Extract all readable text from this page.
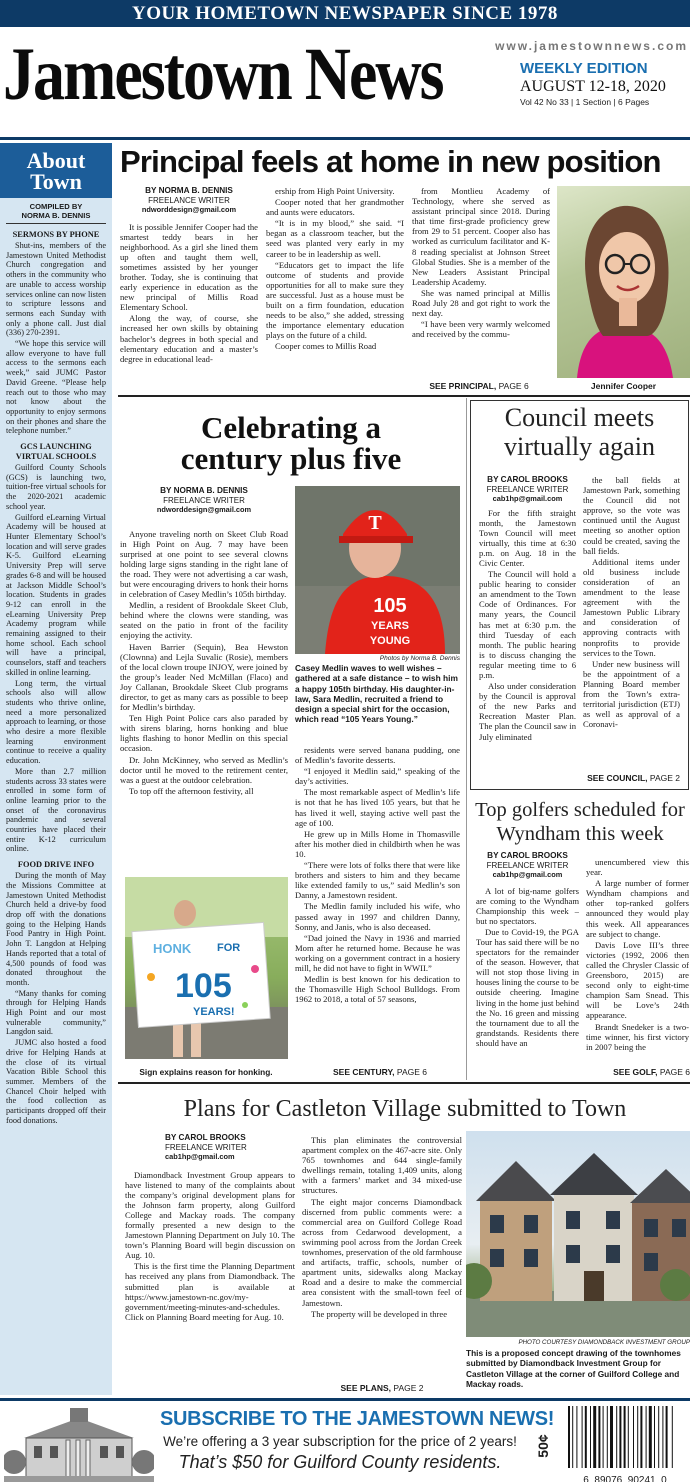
YOUR HOMETOWN NEWSPAPER SINCE 1978
Jamestown News	www.jamestownnews.com
WEEKLY EDITION
AUGUST 12-18, 2020
Vol 42 No 33 | 1 Section | 6 Pages
About Town
COMPILED BY
NORMA B. DENNIS
SERMONS BY PHONE

Shut-ins, members of the Jamestown United Methodist Church congregation and others in the community who are unable to access worship services online can now listen to scripture lessons and sermons each Sunday with only a phone call. Just dial (336) 270-2391.

“We hope this service will allow everyone to have full access to the sermons each week,” said JUMC Pastor David Greene. “Please help reach out to those who may not know about the opportunity to enjoy sermons on their phones and share the telephone number.”

GCS LAUNCHING VIRTUAL SCHOOLS

Guilford County Schools (GCS) is launching two, tuition-free virtual schools for the 2020-2021 academic school year.

Guilford eLearning Virtual Academy will be housed at Hunter Elementary School’s location and will serve grades K-5. Guilford eLearning University Prep will serve grades 6-8 and will be housed at Jackson Middle School’s location. Students in grades 9-12 can enroll in the eLearning University Prep Academy program while remaining assigned to their home school. Each school will have a principal, counselors, staff and teachers skilled in online learning.

Long term, the virtual schools also will allow students who thrive online, need a more personalized approach to learning, or those who desire a more flexible learning environment continue to receive a quality education.

More than 2.7 million students across 33 states were enrolled in some form of online learning prior to the onset of the coronavirus pandemic and several countries have placed their entire K-12 curriculum online.

FOOD DRIVE INFO

During the month of May the Missions Committee at Jamestown United Methodist Church held a drive-by food drop off with the donations going to the Helping Hands Food Pantry in High Point. John T. Langdon at Helping Hands reported that a total of 4,500 pounds of food was donated throughout the month.

“Many thanks for coming through for Helping Hands High Point and our most vulnerable community,” Langdon said.

JUMC also hosted a food drive for Helping Hands at the close of its virtual Vacation Bible School this summer. Members of the Chancel Choir helped with the food collection as participants dropped off their food donations.

Principal feels at home in new position
BY NORMA B. DENNIS
FREELANCE WRITER
ndworddesign@gmail.com

It is possible Jennifer Cooper had the smartest teddy bears in her neighborhood. As a girl she lined them up often and taught them well, sometimes assisted by her younger brother. Today, she is continuing that early experience in education as the new principal of Millis Road Elementary School.

Along the way, of course, she increased her own skills by obtaining bachelor’s degrees in both special and elementary education and a master’s degree in educational lead-

ership from High Point University.

Cooper noted that her grandmother and aunts were educators.

“It is in my blood,” she said. “I began as a classroom teacher, but the seed was planted very early in my career to be in leadership as well.

“Educators get to impact the life outcome of students and provide opportunities for all to make sure they are successful. Just as a house must be built on a firm foundation, education needs to be also,” she added, stressing the importance elementary education plays on the future of a child.

Cooper comes to Millis Road

from Montlieu Academy of Technology, where she served as assistant principal since 2018. During that time first-grade proficiency grew from 29 to 51 percent. Cooper also has worked as curriculum facilitator and K-8 reading specialist at Johnson Street Global Studies. She is a member of the New Leaders Assistant Principal Leadership Academy.

She was named principal at Millis Road July 28 and got right to work the next day.

“I have been very warmly welcomed and received by the commu-

SEE PRINCIPAL, PAGE 6	Jennifer Cooper
Celebrating a
century plus five
BY NORMA B. DENNIS
FREELANCE WRITER
ndworddesign@gmail.com

Anyone traveling north on Skeet Club Road in High Point on Aug. 7 may have been surprised at one point to see several clowns holding large signs standing in the right lane of the road. They were not advertising a car wash, but were encouraging drivers to honk their horns in celebration of Casey Medlin’s 105th birthday.

Medlin, a resident of Brookdale Skeet Club, behind where the clowns were standing, was seated on the patio in front of the facility enjoying the activity.

Haven Barrier (Sequin), Bea Hewston (Clownna) and Lejla Suvalic (Rosie), members of the local clown troupe INJOY, were joined by the group’s leader Ned McMillan (Flaco) and Joy Callanan, Brookdale Skeet Club programs director, to get as many cars as possible to beep for Medlin’s birthday.

Ten High Point Police cars also paraded by with sirens blaring, horns honking and blue lights flashing to honor Medlin on this special occasion.

Dr. John McKinney, who served as Medlin’s doctor until he moved to the retirement center, was a guest at the outdoor celebration.

To top off the afternoon festivity, all

T
105
YEARS
YOUNG
Photos by Norma B. Dennis
Casey Medlin waves to well wishes – gathered at a safe distance – to wish him a happy 105th birthday. His daughter-in-law, Sara Medlin, recruited a friend to design a special shirt for the occasion, which read “105 Years Young.”

residents were served banana pudding, one of Medlin’s favorite desserts.

“I enjoyed it Medlin said,” speaking of the day’s activities.

The most remarkable aspect of Medlin’s life is not that he has lived 105 years, but that he has lived it well, staying active well past the age of 100.

He grew up in Mills Home in Thomasville after his mother died in childbirth when he was 10.

“There were lots of folks there that were like brothers and sisters to him and they became like extended family to us,” said Medlin’s son Danny, a Jamestown resident.

The Medlin family included his wife, who passed away in 1997 and children Danny, Sonny, and Janis, who is also deceased.

“Dad joined the Navy in 1936 and married Mom after he returned home. Because he was working on a government contract in a hosiery mill, he did not have to fight in WWII.”

Medlin is best known for his dedication to the Thomasville High School Bulldogs. From 1962 to 2018, a total of 57 seasons,

HONK FOR
105
YEARS!
Sign explains reason for honking.	SEE CENTURY, PAGE 6
Council meets virtually again
BY CAROL BROOKS
FREELANCE WRITER
cab1hp@gmail.com

For the fifth straight month, the Jamestown Town Council will meet virtually, this time at 6:30 p.m. on Aug. 18 in the Civic Center.

The Council will hold a public hearing to consider an amendment to the Town Code of Ordinances. For many years, the Council has met at 6:30 p.m. the third Tuesday of each month. The public hearing is to discuss changing the regular meeting time to 6 p.m.

Also under consideration by the Council is approval of the new Parks and Recreation Master Plan. The plan the Council saw in July eliminated

the ball fields at Jamestown Park, something the Council did not approve, so the vote was continued until the August meeting so another option could be created, saving the ball fields.

Additional items under old business include consideration of an amendment to the lease agreement with the Jamestown Public Library and consideration of approving contracts with nonprofits to provide services to the Town.

Under new business will be the appointment of a Planning Board member from the Town’s extra-territorial jurisdiction (ETJ) as well as approval of a Coronavi-

SEE COUNCIL, PAGE 2
Top golfers scheduled for Wyndham this week
BY CAROL BROOKS
FREELANCE WRITER
cab1hp@gmail.com

A lot of big-name golfers are coming to the Wyndham Championship this week – but no spectators.

Due to Covid-19, the PGA Tour has said there will be no spectators for the remainder of the season. However, that will not stop those living in houses lining the course to be outside cheering. Imagine living in the home just behind the No. 16 green and missing the tournament due to all the grandstands. Residents there should have an

unencumbered view this year.

A large number of former Wyndham champions and other top-ranked golfers announced they would play this week. All appearances are subject to change.

Davis Love III’s three victories (1992, 2006 then called the Chrysler Classic of Greensboro, 2015) are second only to eight-time champion Sam Snead. This will be Love’s 24th appearance.

Brandt Snedeker is a two-time winner, his first victory in 2007 being the

SEE GOLF, PAGE 6
Plans for Castleton Village submitted to Town
BY CAROL BROOKS
FREELANCE WRITER
cab1hp@gmail.com

Diamondback Investment Group appears to have listened to many of the complaints about the company’s original development plans for the Johnson farm property, along Guilford College and Mackay roads. The company formally presented a new design to the Jamestown Planning Department on July 10. The town’s Planning Board will begin discussion on Aug. 10.

This is the first time the Planning Department has received any plans from Diamondback. The submitted plan is available at https://www.jamestown-nc.gov/my-government/meeting-minutes-and-schedules. Click on Planning Board meeting for Aug. 10.

This plan eliminates the controversial apartment complex on the 467-acre site. Only 765 townhomes and 644 single-family dwellings remain, totaling 1,409 units, along with a farmers’ market and 34 mixed-use structures.

The eight major concerns Diamondback discerned from public comments were: a commercial area on Guilford College Road across from Cedarwood development, a swimming pool across from the Jordan Creek townhomes, preservation of the old farmhouse and artifacts, traffic, schools, number of apartment units, sidewalks along Mackay Road and a desire to make the commercial area consistent with the small-town feel of Jamestown.

The property will be developed in three

SEE PLANS, PAGE 2
PHOTO COURTESY DIAMONDBACK INVESTMENT GROUP
This is a proposed concept drawing of the townhomes submitted by Diamondback Investment Group for Castleton Village at the corner of Guilford College and Mackay roads.
SUBSCRIBE TO THE JAMESTOWN NEWS!
We’re offering a 3 year subscription for the price of 2 years!
That’s $50 for Guilford County residents.
50¢
6  89076  90241  0
